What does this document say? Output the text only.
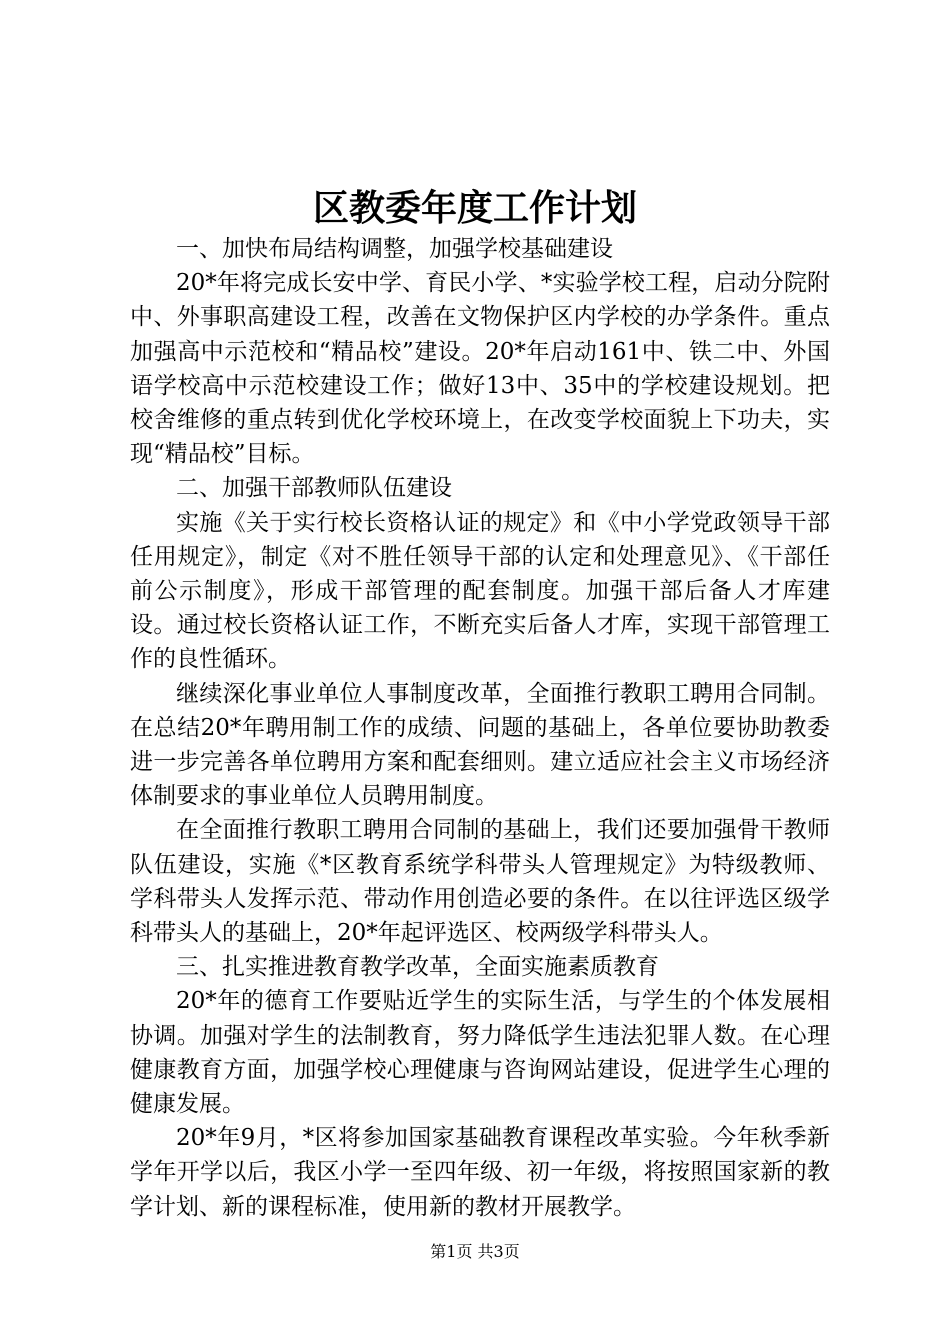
区教委年度工作计划

一、加快布局结构调整，加强学校基础建设

20*年将完成长安中学、育民小学、*实验学校工程，启动分院附中、外事职高建设工程，改善在文物保护区内学校的办学条件。重点加强高中示范校和“精品校”建设。20*年启动161中、铁二中、外国语学校高中示范校建设工作；做好13中、35中的学校建设规划。把校舍维修的重点转到优化学校环境上，在改变学校面貌上下功夫，实现“精品校”目标。

二、加强干部教师队伍建设

实施《关于实行校长资格认证的规定》和《中小学党政领导干部任用规定》，制定《对不胜任领导干部的认定和处理意见》、《干部任前公示制度》，形成干部管理的配套制度。加强干部后备人才库建设。通过校长资格认证工作，不断充实后备人才库，实现干部管理工作的良性循环。

继续深化事业单位人事制度改革，全面推行教职工聘用合同制。在总结20*年聘用制工作的成绩、问题的基础上，各单位要协助教委进一步完善各单位聘用方案和配套细则。建立适应社会主义市场经济体制要求的事业单位人员聘用制度。

在全面推行教职工聘用合同制的基础上，我们还要加强骨干教师队伍建设，实施《*区教育系统学科带头人管理规定》为特级教师、学科带头人发挥示范、带动作用创造必要的条件。在以往评选区级学科带头人的基础上，20*年起评选区、校两级学科带头人。

三、扎实推进教育教学改革，全面实施素质教育

20*年的德育工作要贴近学生的实际生活，与学生的个体发展相协调。加强对学生的法制教育，努力降低学生违法犯罪人数。在心理健康教育方面，加强学校心理健康与咨询网站建设，促进学生心理的健康发展。

20*年9月，*区将参加国家基础教育课程改革实验。今年秋季新学年开学以后，我区小学一至四年级、初一年级，将按照国家新的教学计划、新的课程标准，使用新的教材开展教学。

第1页 共3页
